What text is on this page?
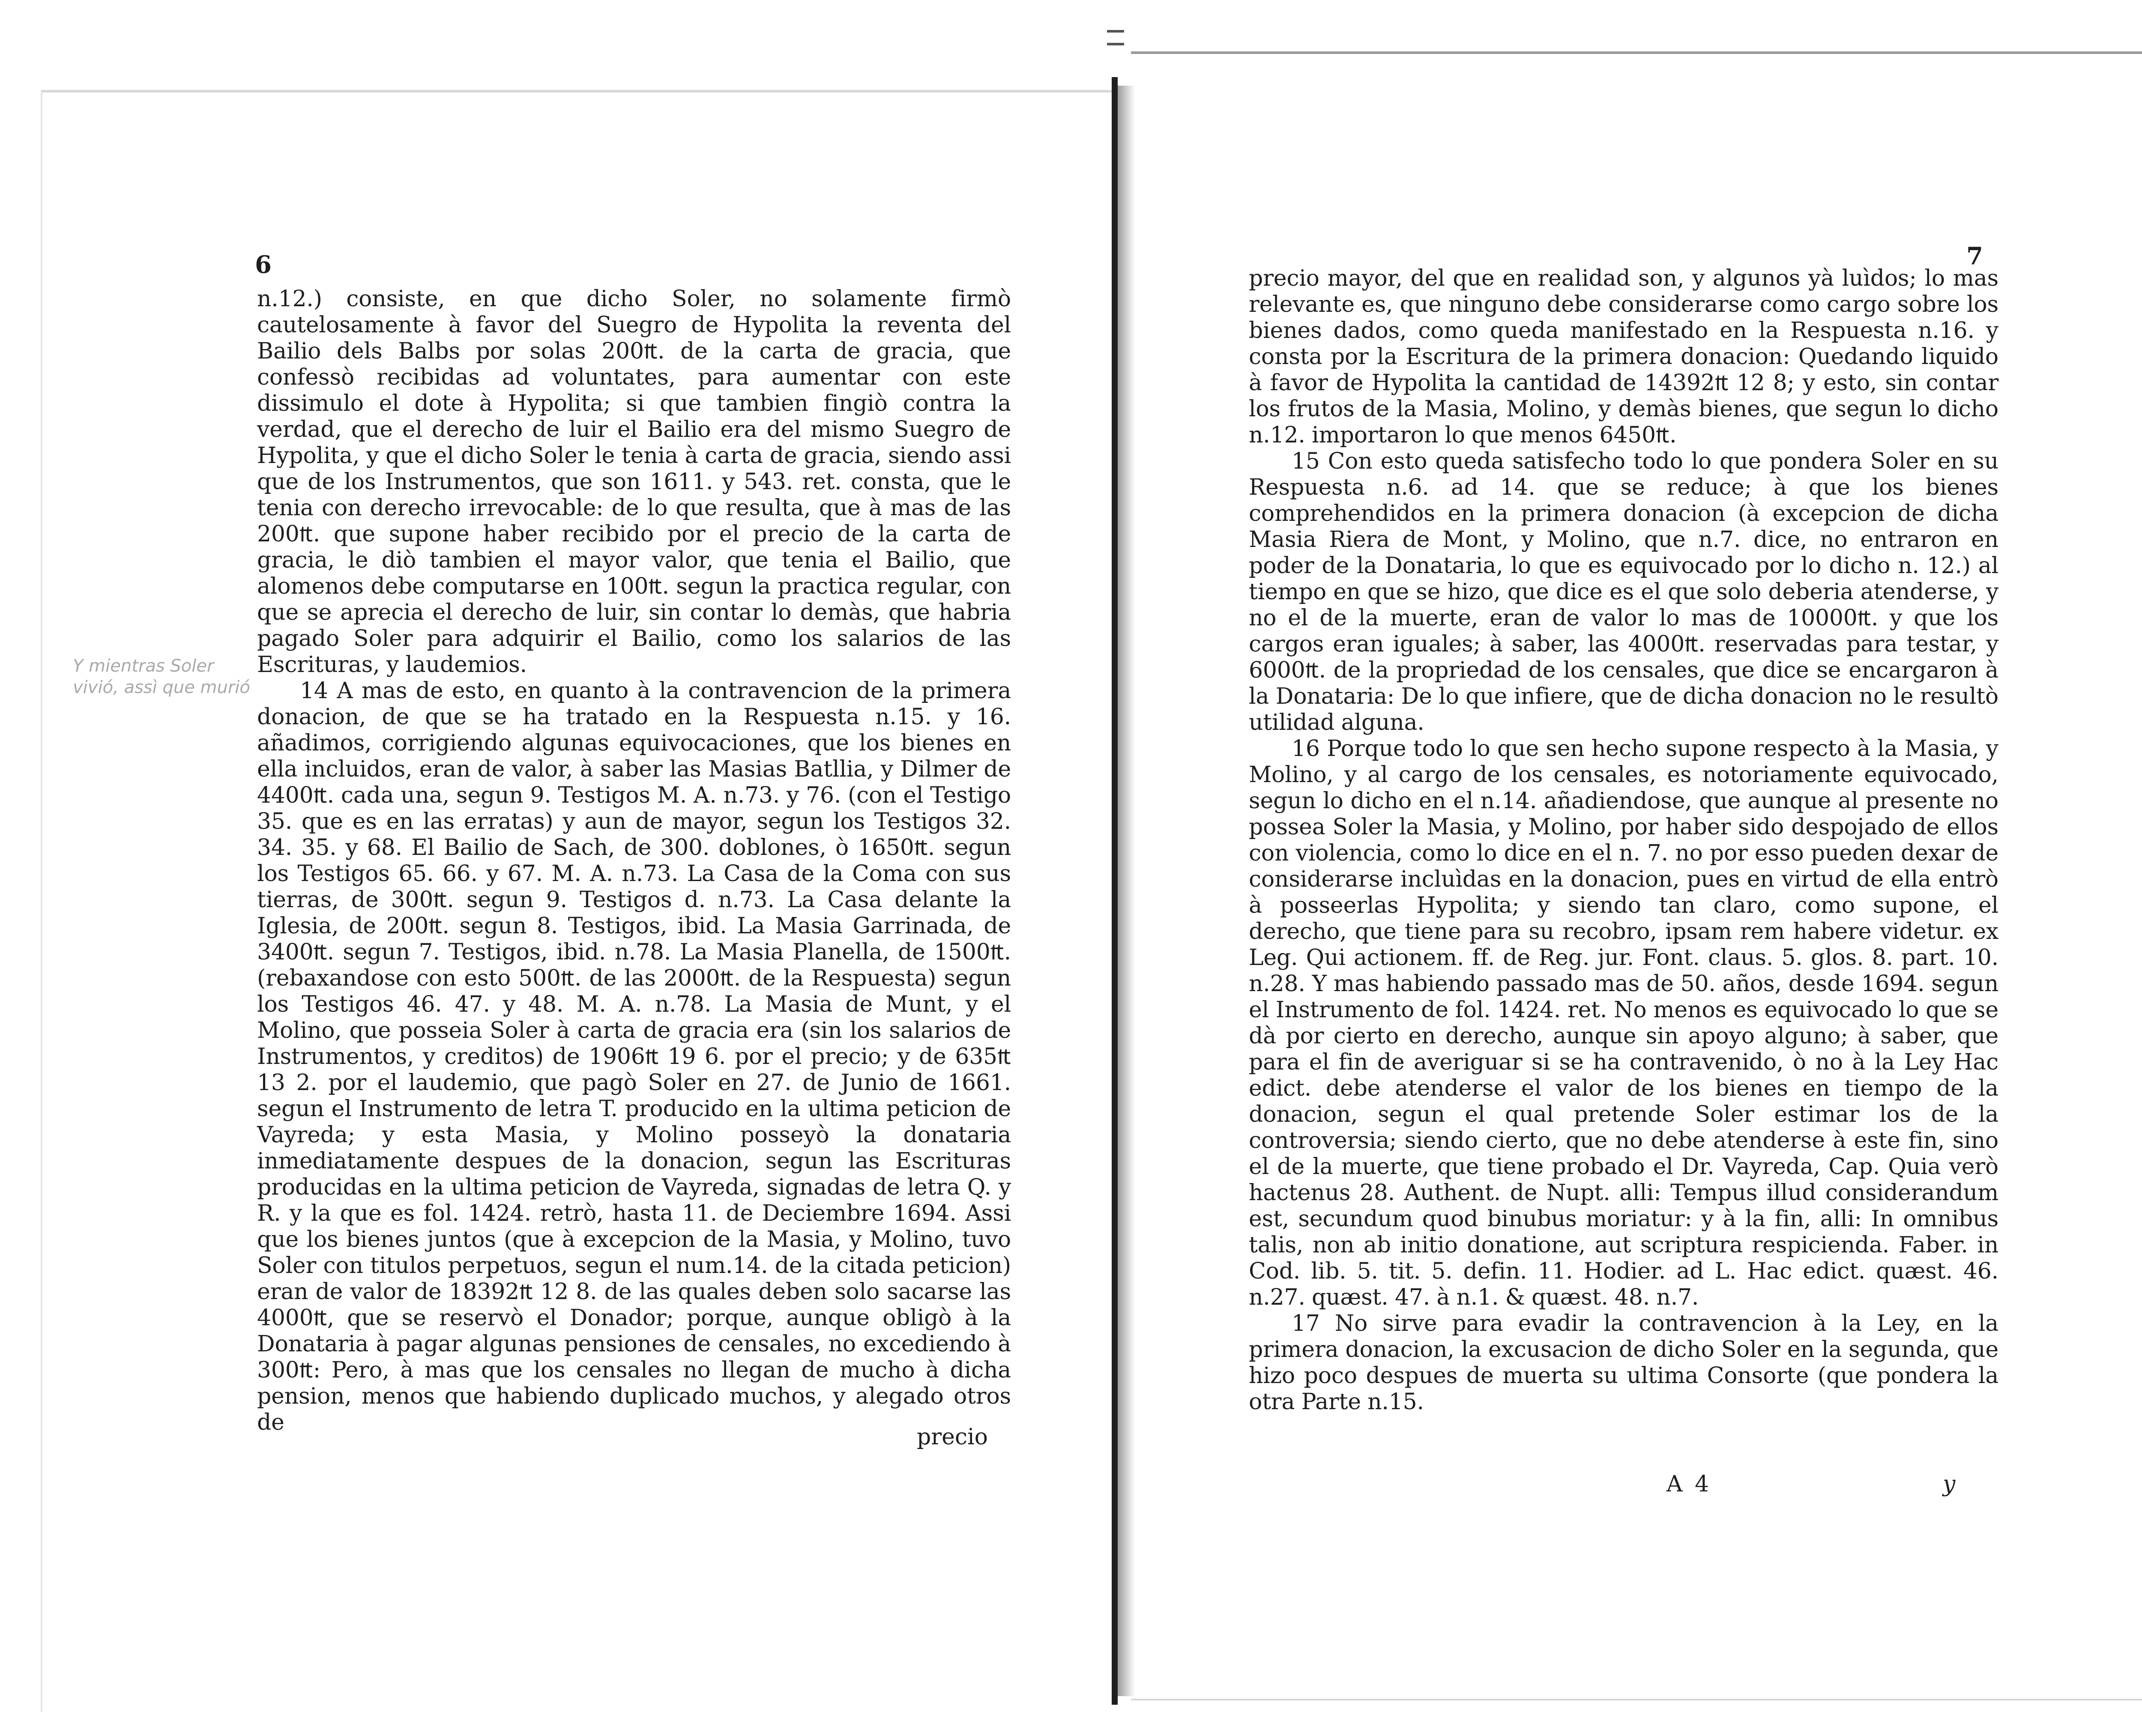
6
Y mientras Soler vivió, assì que murió

n.12.) consiste, en que dicho Soler, no solamente firmò cautelosamente à favor del Suegro de Hypolita la reventa del Bailio dels Balbs por solas 200₶. de la carta de gracia, que confessò recibidas ad voluntates, para aumentar con este dissimulo el dote à Hypolita; si que tambien fingiò contra la verdad, que el derecho de luir el Bailio era del mismo Suegro de Hypolita, y que el dicho Soler le tenia à carta de gracia, siendo assi que de los Instrumentos, que son 1611. y 543. ret. consta, que le tenia con derecho irrevocable: de lo que resulta, que à mas de las 200₶. que supone haber recibido por el precio de la carta de gracia, le diò tambien el mayor valor, que tenia el Bailio, que alomenos debe computarse en 100₶. segun la practica regular, con que se aprecia el derecho de luir, sin contar lo demàs, que habria pagado Soler para adquirir el Bailio, como los salarios de las Escrituras, y laudemios.

14 A mas de esto, en quanto à la contravencion de la primera donacion, de que se ha tratado en la Respuesta n.15. y 16. añadimos, corrigiendo algunas equivocaciones, que los bienes en ella incluidos, eran de valor, à saber las Masias Batllia, y Dilmer de 4400₶. cada una, segun 9. Testigos M. A. n.73. y 76. (con el Testigo 35. que es en las erratas) y aun de mayor, segun los Testigos 32. 34. 35. y 68. El Bailio de Sach, de 300. doblones, ò 1650₶. segun los Testigos 65. 66. y 67. M. A. n.73. La Casa de la Coma con sus tierras, de 300₶. segun 9. Testigos d. n.73. La Casa delante la Iglesia, de 200₶. segun 8. Testigos, ibid. La Masia Garrinada, de 3400₶. segun 7. Testigos, ibid. n.78. La Masia Planella, de 1500₶. (rebaxandose con esto 500₶. de las 2000₶. de la Respuesta) segun los Testigos 46. 47. y 48. M. A. n.78. La Masia de Munt, y el Molino, que posseia Soler à carta de gracia era (sin los salarios de Instrumentos, y creditos) de 1906₶ 19 6. por el precio; y de 635₶ 13 2. por el laudemio, que pagò Soler en 27. de Junio de 1661. segun el Instrumento de letra T. producido en la ultima peticion de Vayreda; y esta Masia, y Molino posseyò la donataria inmediatamente despues de la donacion, segun las Escrituras producidas en la ultima peticion de Vayreda, signadas de letra Q. y R. y la que es fol. 1424. retrò, hasta 11. de Deciembre 1694. Assi que los bienes juntos (que à excepcion de la Masia, y Molino, tuvo Soler con titulos perpetuos, segun el num.14. de la citada peticion) eran de valor de 18392₶ 12 8. de las quales deben solo sacarse las 4000₶, que se reservò el Donador; porque, aunque obligò à la Donataria à pagar algunas pensiones de censales, no excediendo à 300₶: Pero, à mas que los censales no llegan de mucho à dicha pension, menos que habiendo duplicado muchos, y alegado otros de

precio
7

precio mayor, del que en realidad son, y algunos yà luìdos; lo mas relevante es, que ninguno debe considerarse como cargo sobre los bienes dados, como queda manifestado en la Respuesta n.16. y consta por la Escritura de la primera donacion: Quedando liquido à favor de Hypolita la cantidad de 14392₶ 12 8; y esto, sin contar los frutos de la Masia, Molino, y demàs bienes, que segun lo dicho n.12. importaron lo que menos 6450₶.

15 Con esto queda satisfecho todo lo que pondera Soler en su Respuesta n.6. ad 14. que se reduce; à que los bienes comprehendidos en la primera donacion (à excepcion de dicha Masia Riera de Mont, y Molino, que n.7. dice, no entraron en poder de la Donataria, lo que es equivocado por lo dicho n. 12.) al tiempo en que se hizo, que dice es el que solo deberia atenderse, y no el de la muerte, eran de valor lo mas de 10000₶. y que los cargos eran iguales; à saber, las 4000₶. reservadas para testar, y 6000₶. de la propriedad de los censales, que dice se encargaron à la Donataria: De lo que infiere, que de dicha donacion no le resultò utilidad alguna.

16 Porque todo lo que sen hecho supone respecto à la Masia, y Molino, y al cargo de los censales, es notoriamente equivocado, segun lo dicho en el n.14. añadiendose, que aunque al presente no possea Soler la Masia, y Molino, por haber sido despojado de ellos con violencia, como lo dice en el n. 7. no por esso pueden dexar de considerarse incluìdas en la donacion, pues en virtud de ella entrò à posseerlas Hypolita; y siendo tan claro, como supone, el derecho, que tiene para su recobro, ipsam rem habere videtur. ex Leg. Qui actionem. ff. de Reg. jur. Font. claus. 5. glos. 8. part. 10. n.28. Y mas habiendo passado mas de 50. años, desde 1694. segun el Instrumento de fol. 1424. ret. No menos es equivocado lo que se dà por cierto en derecho, aunque sin apoyo alguno; à saber, que para el fin de averiguar si se ha contravenido, ò no à la Ley Hac edict. debe atenderse el valor de los bienes en tiempo de la donacion, segun el qual pretende Soler estimar los de la controversia; siendo cierto, que no debe atenderse à este fin, sino el de la muerte, que tiene probado el Dr. Vayreda, Cap. Quia verò hactenus 28. Authent. de Nupt. alli: Tempus illud considerandum est, secundum quod binubus moriatur: y à la fin, alli: In omnibus talis, non ab initio donatione, aut scriptura respicienda. Faber. in Cod. lib. 5. tit. 5. defin. 11. Hodier. ad L. Hac edict. quæst. 46. n.27. quæst. 47. à n.1. & quæst. 48. n.7.

17 No sirve para evadir la contravencion à la Ley, en la primera donacion, la excusacion de dicho Soler en la segunda, que hizo poco despues de muerta su ultima Consorte (que pondera la otra Parte n.15.

A 4	y
